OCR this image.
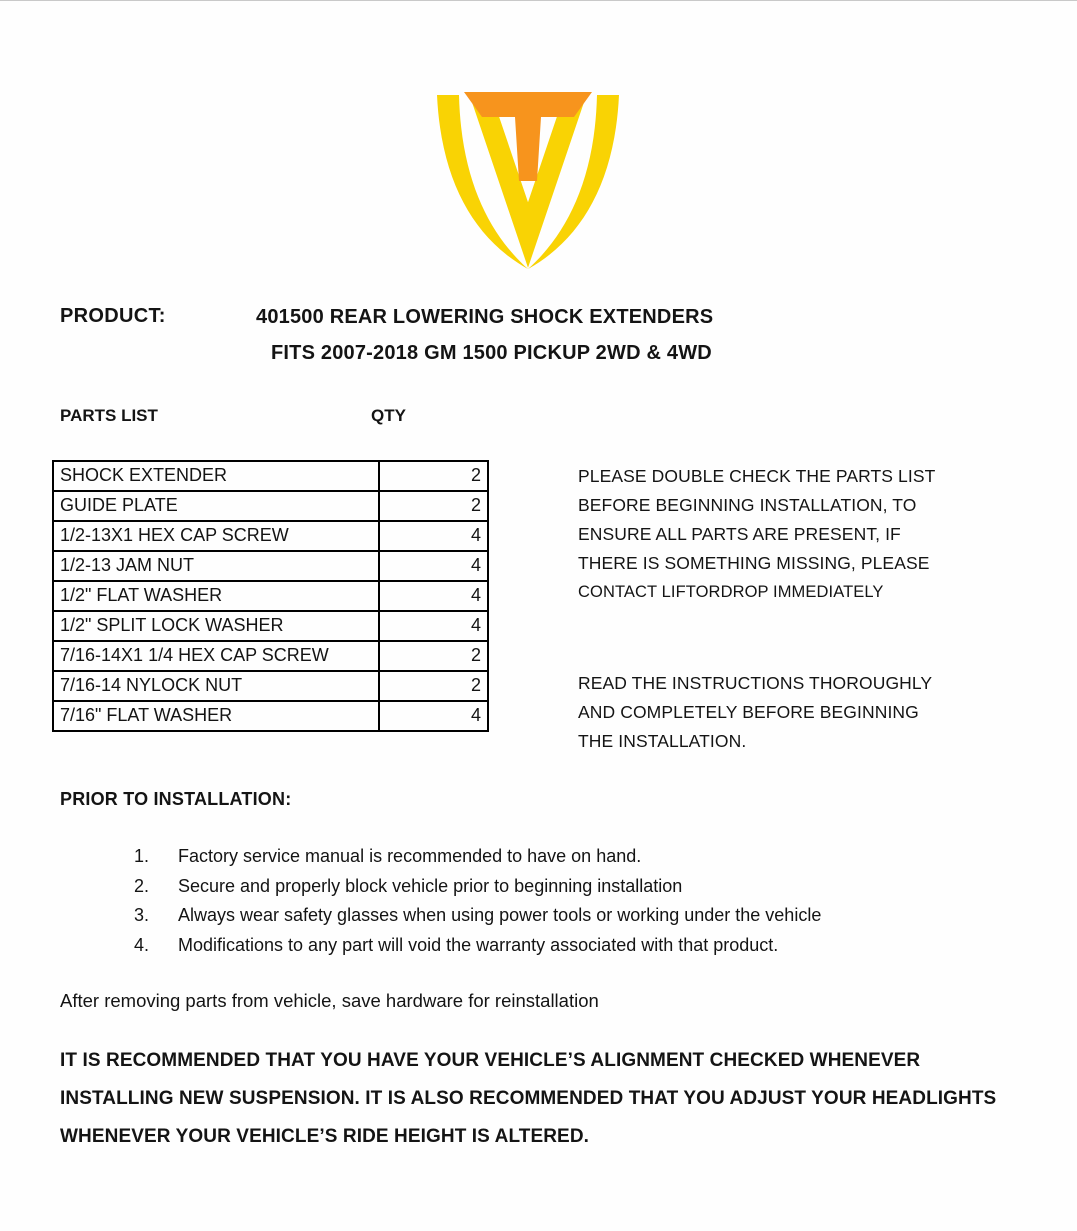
PRODUCT:	401500 REAR LOWERING SHOCK EXTENDERS
FITS 2007-2018 GM 1500 PICKUP 2WD & 4WD
PARTS LIST	QTY
SHOCK EXTENDER	2
GUIDE PLATE	2
1/2-13X1 HEX CAP SCREW	4
1/2-13 JAM NUT	4
1/2" FLAT WASHER	4
1/2" SPLIT LOCK WASHER	4
7/16-14X1 1/4 HEX CAP SCREW	2
7/16-14 NYLOCK NUT	2
7/16" FLAT WASHER	4
PLEASE DOUBLE CHECK THE PARTS LIST
BEFORE BEGINNING INSTALLATION, TO
ENSURE ALL PARTS ARE PRESENT, IF
THERE IS SOMETHING MISSING, PLEASE
CONTACT LIFTORDROP IMMEDIATELY
READ THE INSTRUCTIONS THOROUGHLY
AND COMPLETELY BEFORE BEGINNING
THE INSTALLATION.
PRIOR TO INSTALLATION:
1. Factory service manual is recommended to have on hand.
2. Secure and properly block vehicle prior to beginning installation
3. Always wear safety glasses when using power tools or working under the vehicle
4. Modifications to any part will void the warranty associated with that product.
After removing parts from vehicle, save hardware for reinstallation
IT IS RECOMMENDED THAT YOU HAVE YOUR VEHICLE’S ALIGNMENT CHECKED WHENEVER INSTALLING NEW SUSPENSION. IT IS ALSO RECOMMENDED THAT YOU ADJUST YOUR HEADLIGHTS WHENEVER YOUR VEHICLE’S RIDE HEIGHT IS ALTERED.
